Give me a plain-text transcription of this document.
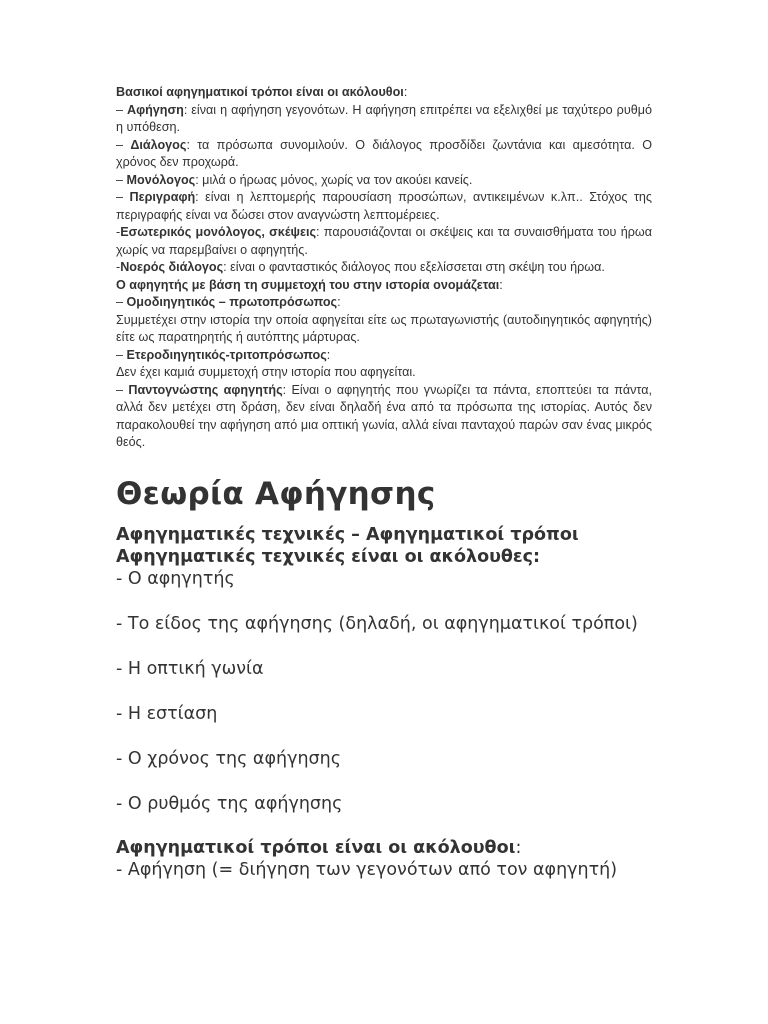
Βασικοί αφηγηματικοί τρόποι είναι οι ακόλουθοι:

– Αφήγηση: είναι η αφήγηση γεγονότων. Η αφήγηση επιτρέπει να εξελιχθεί με ταχύτερο ρυθμό η υπόθεση.

– Διάλογος: τα πρόσωπα συνομιλούν. Ο διάλογος προσδίδει ζωντάνια και αμεσότητα. Ο χρόνος δεν προχωρά.

– Μονόλογος: μιλά ο ήρωας μόνος, χωρίς να τον ακούει κανείς.

– Περιγραφή: είναι η λεπτομερής παρουσίαση προσώπων, αντικειμένων κ.λπ.. Στόχος της περιγραφής είναι να δώσει στον αναγνώστη λεπτομέρειες.

-Εσωτερικός μονόλογος, σκέψεις: παρουσιάζονται οι σκέψεις και τα συναισθήματα του ήρωα χωρίς να παρεμβαίνει ο αφηγητής.

-Νοερός διάλογος: είναι ο φανταστικός διάλογος που εξελίσσεται στη σκέψη του ήρωα.

Ο αφηγητής με βάση τη συμμετοχή του στην ιστορία ονομάζεται:

– Ομοδιηγητικός – πρωτοπρόσωπος:

Συμμετέχει στην ιστορία την οποία αφηγείται είτε ως πρωταγωνιστής (αυτοδιηγητικός αφηγητής) είτε ως παρατηρητής ή αυτόπτης μάρτυρας.

– Ετεροδιηγητικός-τριτοπρόσωπος:

Δεν έχει καμιά συμμετοχή στην ιστορία που αφηγείται.

– Παντογνώστης αφηγητής: Είναι ο αφηγητής που γνωρίζει τα πάντα, εποπτεύει τα πάντα, αλλά δεν μετέχει στη δράση, δεν είναι δηλαδή ένα από τα πρόσωπα της ιστορίας. Αυτός δεν παρακολουθεί την αφήγηση από μια οπτική γωνία, αλλά είναι πανταχού παρών σαν ένας μικρός θεός.

Θεωρία Αφήγησης

Αφηγηματικές τεχνικές – Αφηγηματικοί τρόποι

Αφηγηματικές τεχνικές είναι οι ακόλουθες:

- Ο αφηγητής

- Το είδος της αφήγησης (δηλαδή, οι αφηγηματικοί τρόποι)

- Η οπτική γωνία

- Η εστίαση

- Ο χρόνος της αφήγησης

- Ο ρυθμός της αφήγησης

Αφηγηματικοί τρόποι είναι οι ακόλουθοι:

- Αφήγηση (= διήγηση των γεγονότων από τον αφηγητή)
